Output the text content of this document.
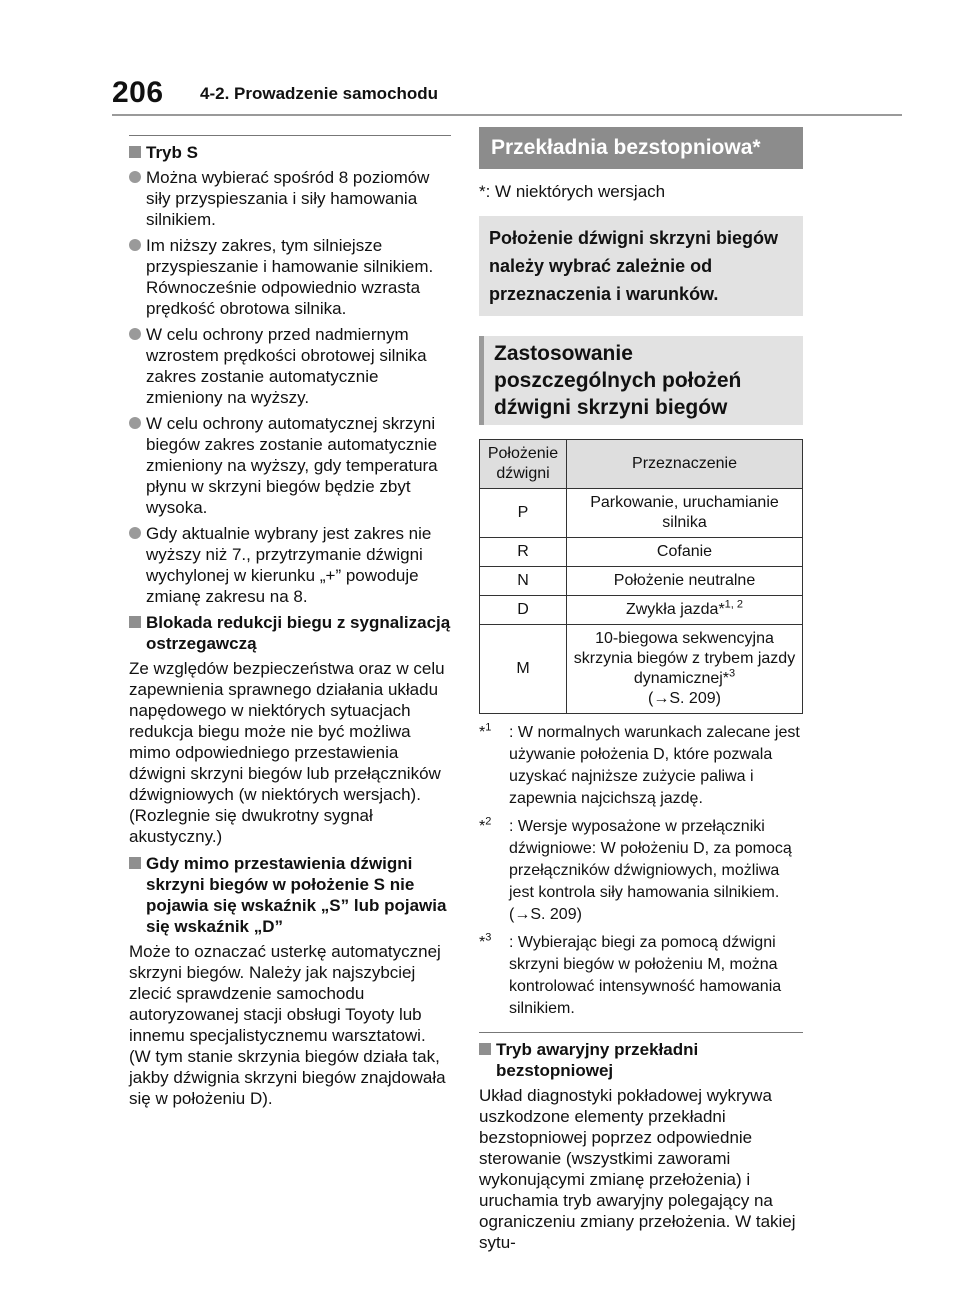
206 4-2. Prowadzenie samochodu
Tryb S
Można wybierać spośród 8 poziomów siły przyspieszania i siły hamowania silnikiem.
Im niższy zakres, tym silniejsze przyspieszanie i hamowanie silnikiem. Równocześnie odpowiednio wzrasta prędkość obrotowa silnika.
W celu ochrony przed nadmiernym wzrostem prędkości obrotowej silnika zakres zostanie automatycznie zmieniony na wyższy.
W celu ochrony automatycznej skrzyni biegów zakres zostanie automatycznie zmieniony na wyższy, gdy temperatura płynu w skrzyni biegów będzie zbyt wysoka.
Gdy aktualnie wybrany jest zakres nie wyższy niż 7., przytrzymanie dźwigni wychylonej w kierunku „+” powoduje zmianę zakresu na 8.
Blokada redukcji biegu z sygnalizacją ostrzegawczą
Ze względów bezpieczeństwa oraz w celu zapewnienia sprawnego działania układu napędowego w niektórych sytuacjach redukcja biegu może nie być możliwa mimo odpowiedniego przestawienia dźwigni skrzyni biegów lub przełączników dźwigniowych (w niektórych wersjach). (Rozlegnie się dwukrotny sygnał akustyczny.)
Gdy mimo przestawienia dźwigni skrzyni biegów w położenie S nie pojawia się wskaźnik „S” lub pojawia się wskaźnik „D”
Może to oznaczać usterkę automatycznej skrzyni biegów. Należy jak najszybciej zlecić sprawdzenie samochodu autoryzowanej stacji obsługi Toyoty lub innemu specjalistycznemu warsztatowi. (W tym stanie skrzynia biegów działa tak, jakby dźwignia skrzyni biegów znajdowała się w położeniu D).
Przekładnia bezstopniowa*
*: W niektórych wersjach
Położenie dźwigni skrzyni biegów należy wybrać zależnie od przeznaczenia i warunków.
Zastosowanie poszczególnych położeń dźwigni skrzyni biegów
Położenie dźwigni	Przeznaczenie
P	Parkowanie, uruchamianie silnika
R	Cofanie
N	Położenie neutralne
D	Zwykła jazda*$^{1, 2}$
M	10-biegowa sekwencyjna skrzynia biegów z trybem jazdy dynamicznej*$^3$
(→S. 209)
*$^1$ : W normalnych warunkach zalecane jest używanie położenia D, które pozwala uzyskać najniższe zużycie paliwa i zapewnia najcichszą jazdę.
*$^2$ : Wersje wyposażone w przełączniki dźwigniowe: W położeniu D, za pomocą przełączników dźwigniowych, możliwa jest kontrola siły hamowania silnikiem. (→S. 209)
*$^3$ : Wybierając biegi za pomocą dźwigni skrzyni biegów w położeniu M, można kontrolować intensywność hamowania silnikiem.
Tryb awaryjny przekładni bezstopniowej
Układ diagnostyki pokładowej wykrywa uszkodzone elementy przekładni bezstopniowej poprzez odpowiednie sterowanie (wszystkimi zaworami wykonującymi zmianę przełożenia) i uruchamia tryb awaryjny polegający na ograniczeniu zmiany przełożenia. W takiej sytu-
